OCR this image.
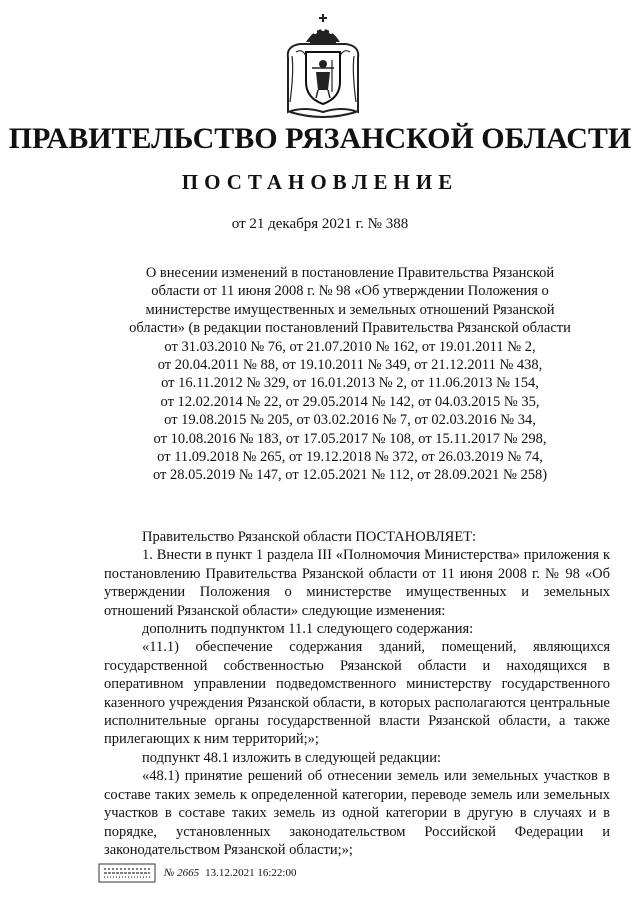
ПРАВИТЕЛЬСТВО РЯЗАНСКОЙ ОБЛАСТИ
ПОСТАНОВЛЕНИЕ
от 21 декабря 2021 г. № 388
О внесении изменений в постановление Правительства Рязанской
области от 11 июня 2008 г. № 98 «Об утверждении Положения о
министерстве имущественных и земельных отношений Рязанской
области» (в редакции постановлений Правительства Рязанской области
от 31.03.2010 № 76, от 21.07.2010 № 162, от 19.01.2011 № 2,
от 20.04.2011 № 88, от 19.10.2011 № 349, от 21.12.2011 № 438,
от 16.11.2012 № 329, от 16.01.2013 № 2, от 11.06.2013 № 154,
от 12.02.2014 № 22, от 29.05.2014 № 142, от 04.03.2015 № 35,
от 19.08.2015 № 205, от 03.02.2016 № 7, от 02.03.2016 № 34,
от 10.08.2016 № 183, от 17.05.2017 № 108, от 15.11.2017 № 298,
от 11.09.2018 № 265, от 19.12.2018 № 372, от 26.03.2019 № 74,
от 28.05.2019 № 147, от 12.05.2021 № 112, от 28.09.2021 № 258)

Правительство Рязанской области ПОСТАНОВЛЯЕТ:

1. Внести в пункт 1 раздела III «Полномочия Министерства» приложения к постановлению Правительства Рязанской области от 11 июня 2008 г. № 98 «Об утверждении Положения о министерстве имущественных и земельных отношений Рязанской области» следующие изменения:

дополнить подпунктом 11.1 следующего содержания:

«11.1) обеспечение содержания зданий, помещений, являющихся государственной собственностью Рязанской области и находящихся в оперативном управлении подведомственного министерству государственного казенного учреждения Рязанской области, в которых располагаются центральные исполнительные органы государственной власти Рязанской области, а также прилегающих к ним территорий;»;

подпункт 48.1 изложить в следующей редакции:

«48.1) принятие решений об отнесении земель или земельных участков в составе таких земель к определенной категории, переводе земель или земельных участков в составе таких земель из одной категории в другую в случаях и в порядке, установленных законодательством Российской Федерации и законодательством Рязанской области;»;

№ 2665 13.12.2021 16:22:00
